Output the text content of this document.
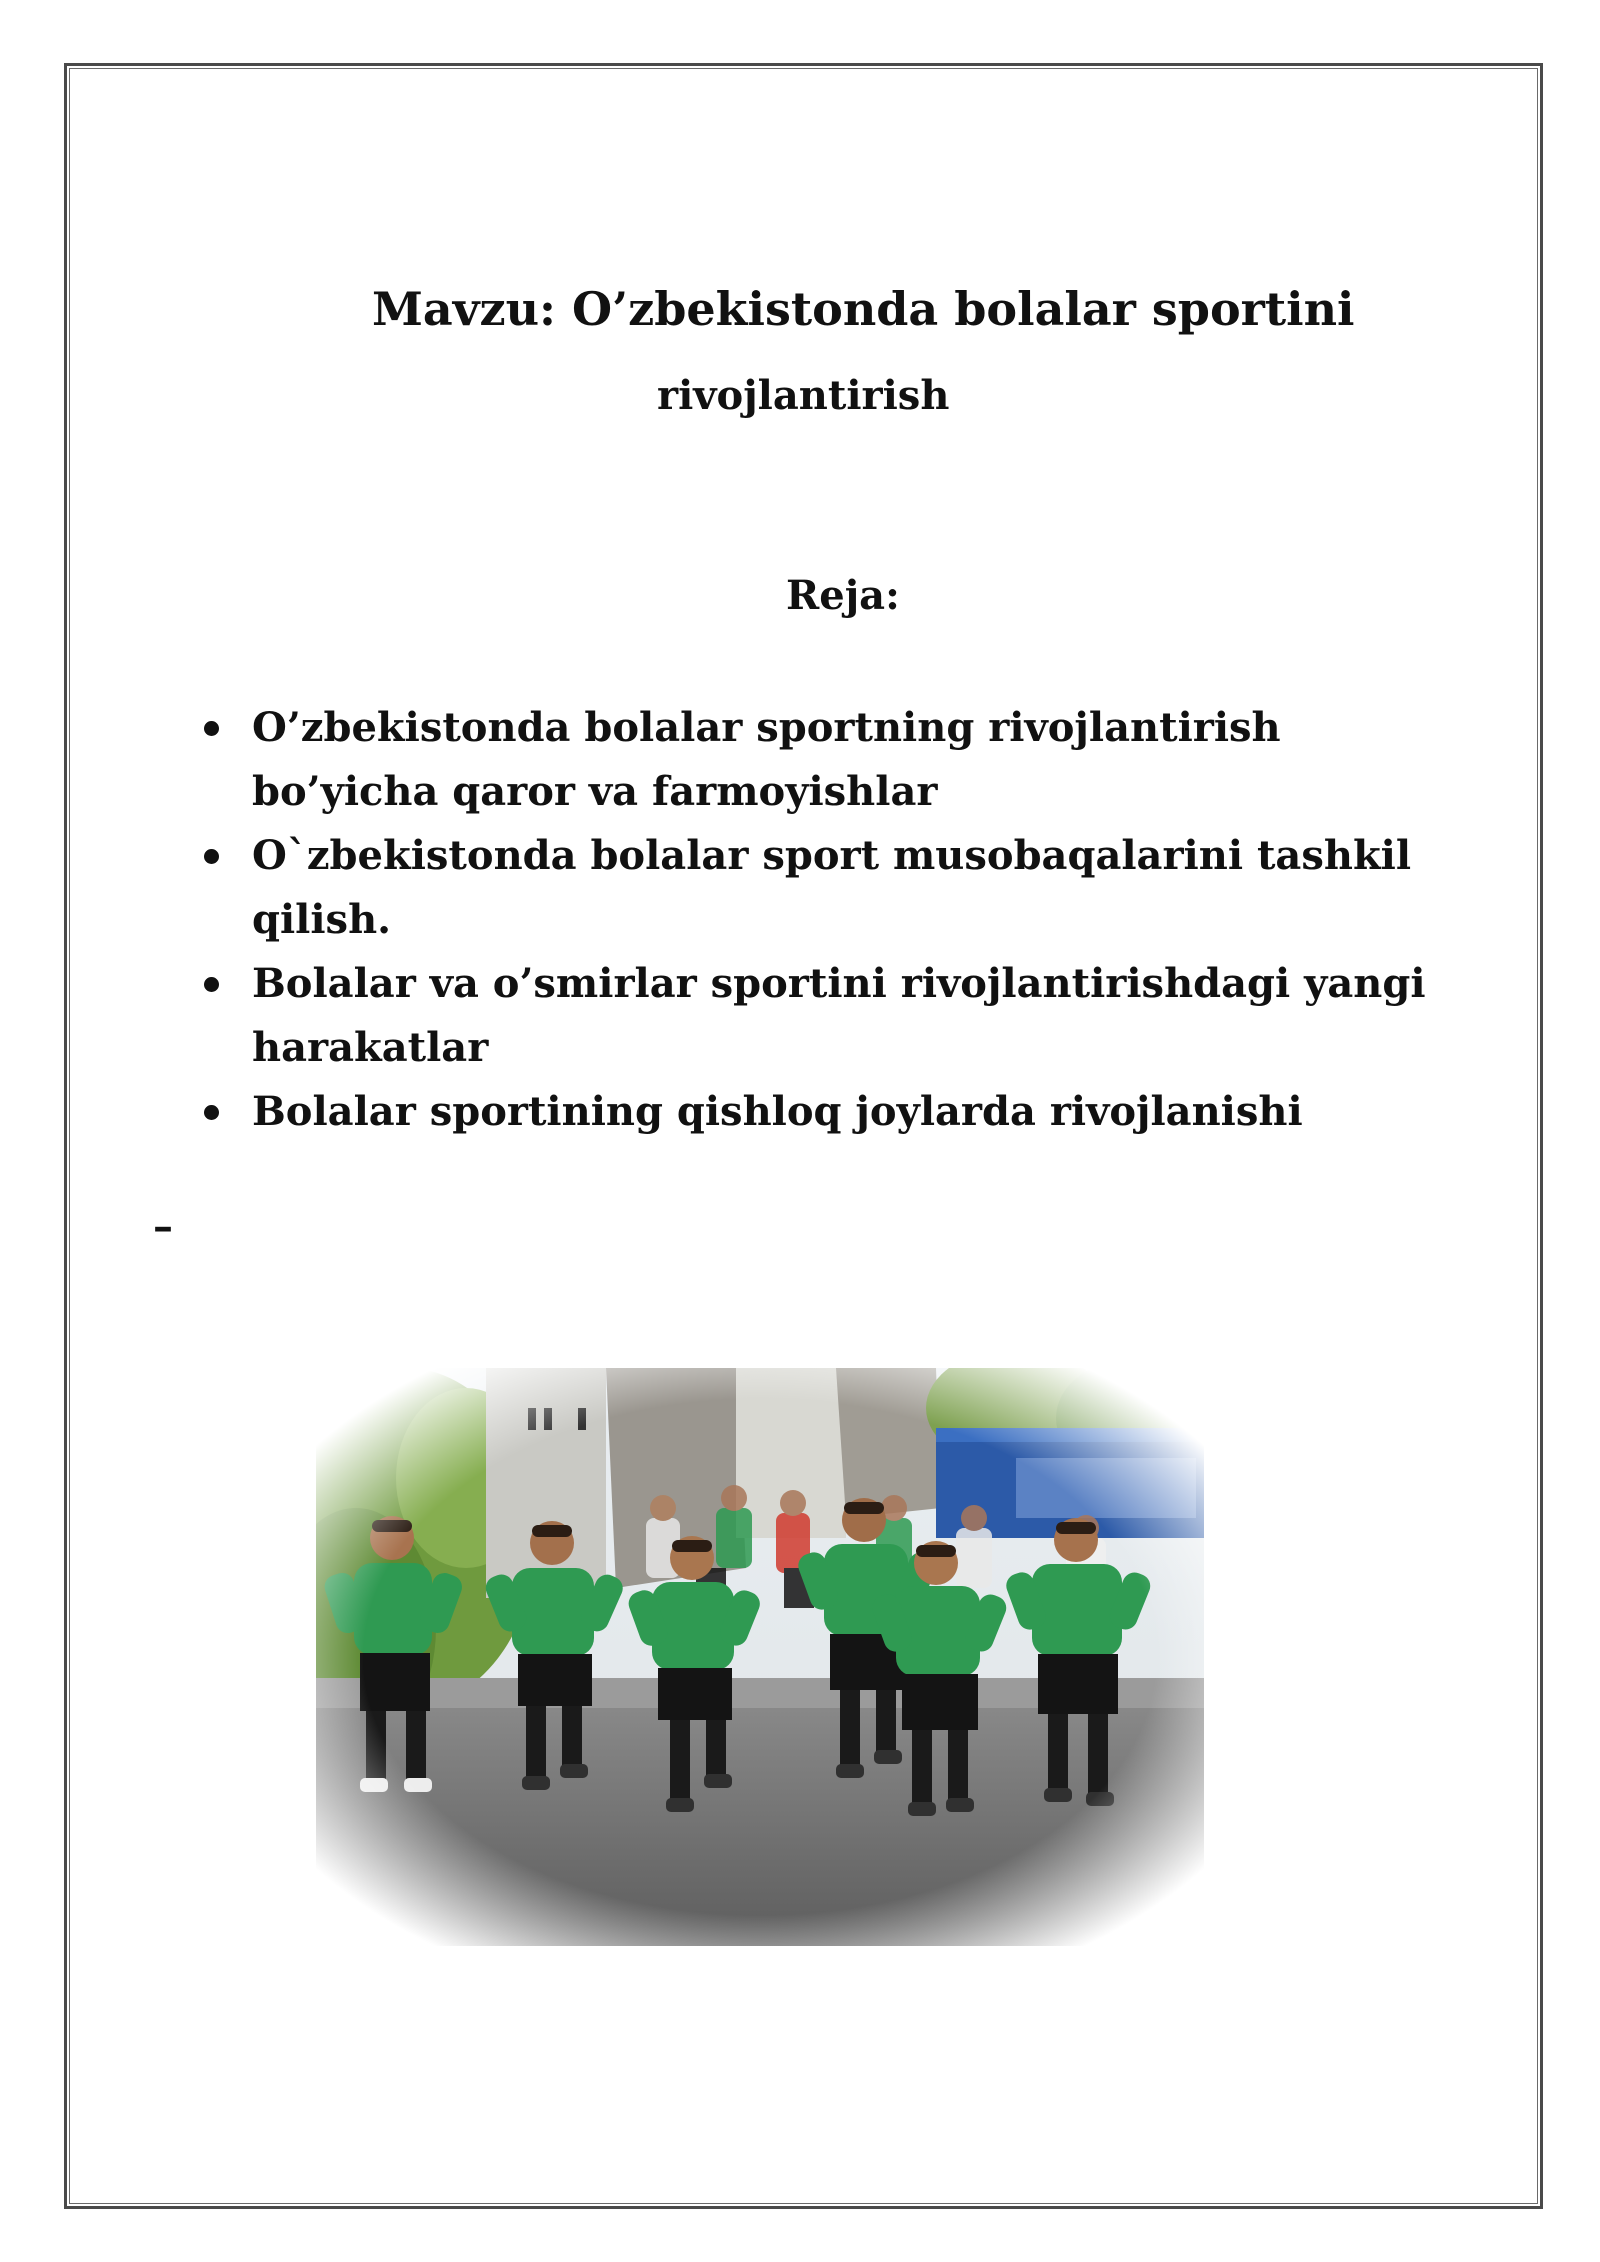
Mavzu: O’zbekistonda bolalar sportini
rivojlantirish
Reja:
O’zbekistonda bolalar sportning rivojlantirish bo’yicha qaror va farmoyishlar
O`zbekistonda bolalar sport musobaqalarini tashkil qilish.
Bolalar va o’smirlar sportini rivojlantirishdagi yangi harakatlar
Bolalar sportining qishloq joylarda rivojlanishi
–
